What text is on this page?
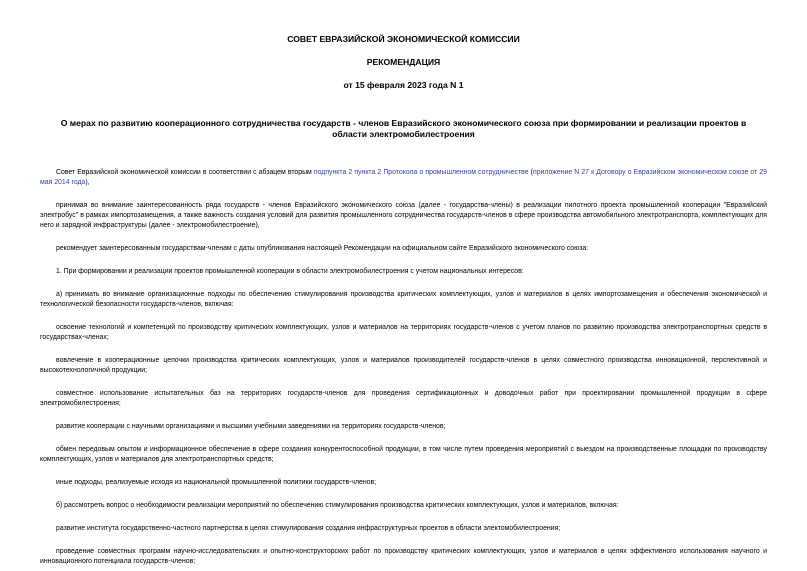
СОВЕТ ЕВРАЗИЙСКОЙ ЭКОНОМИЧЕСКОЙ КОМИССИИ

РЕКОМЕНДАЦИЯ

от 15 февраля 2023 года N 1

О мерах по развитию кооперационного сотрудничества государств - членов Евразийского экономического союза при формировании и реализации проектов в области электромобилестроения

Совет Евразийской экономической комиссии в соответствии с абзацем вторым подпункта 2 пункта 2 Протокола о промышленном сотрудничестве (приложение N 27 к Договору о Евразийском экономическом союзе от 29 мая 2014 года),

принимая во внимание заинтересованность ряда государств - членов Евразийского экономического союза (далее - государства-члены) в реализации пилотного проекта промышленной кооперации "Евразийский электробус" в рамках импортозамещения, а также важность создания условий для развития промышленного сотрудничества государств-членов в сфере производства автомобильного электротранспорта, комплектующих для него и зарядной инфраструктуры (далее - электромобилестроение),

рекомендует заинтересованным государствам-членам с даты опубликования настоящей Рекомендации на официальном сайте Евразийского экономического союза:

1. При формировании и реализации проектов промышленной кооперации в области электромобилестроения с учетом национальных интересов:

а) принимать во внимание организационные подходы по обеспечению стимулирования производства критических комплектующих, узлов и материалов в целях импортозамещения и обеспечения экономической и технологической безопасности государств-членов, включая:

освоение технологий и компетенций по производству критических комплектующих, узлов и материалов на территориях государств-членов с учетом планов по развитию производства электротранспортных средств в государствах-членах;

вовлечение в кооперационные цепочки производства критических комплектующих, узлов и материалов производителей государств-членов в целях совместного производства инновационной, перспективной и высокотехнологичной продукции;

совместное использование испытательных баз на территориях государств-членов для проведения сертификационных и доводочных работ при проектировании промышленной продукции в сфере электромобилестроения;

развитие кооперации с научными организациями и высшими учебными заведениями на территориях государств-членов;

обмен передовым опытом и информационное обеспечение в сфере создания конкурентоспособной продукции, в том числе путем проведения мероприятий с выездом на производственные площадки по производству комплектующих, узлов и материалов для электротранспортных средств;

иные подходы, реализуемые исходя из национальной промышленной политики государств-членов;

б) рассмотреть вопрос о необходимости реализации мероприятий по обеспечению стимулирования производства критических комплектующих, узлов и материалов, включая:

развитие института государственно-частного партнерства в целях стимулирования создания инфраструктурных проектов в области электомобилестроения;

проведение совместных программ научно-исследовательских и опытно-конструкторских работ по производству критических комплектующих, узлов и материалов в целях эффективного использования научного и инновационного потенциала государств-членов;
